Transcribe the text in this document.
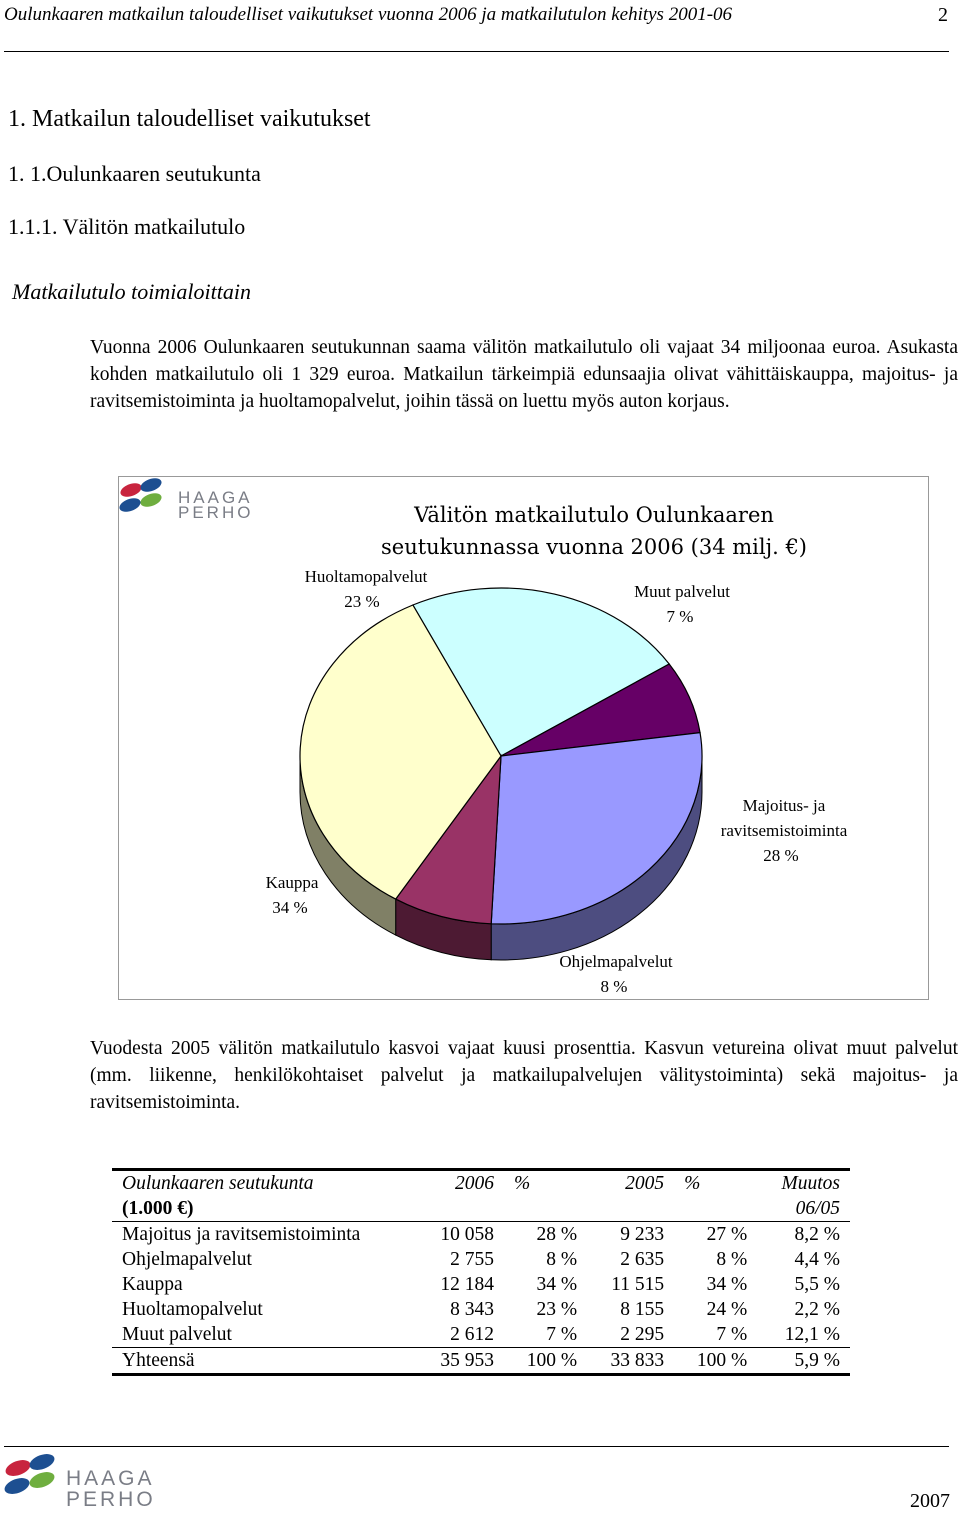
Oulunkaaren matkailun taloudelliset vaikutukset vuonna 2006 ja matkailutulon kehitys 2001-06	2
1. Matkailun taloudelliset vaikutukset
1. 1.Oulunkaaren seutukunta
1.1.1. Välitön matkailutulo
Matkailutulo toimialoittain
Vuonna 2006 Oulunkaaren seutukunnan saama välitön matkailutulo oli vajaat 34 miljoonaa euroa. Asukasta kohden matkailutulo oli 1 329 euroa. Matkailun tärkeimpiä edunsaajia olivat vähittäiskauppa, majoitus- ja ravitsemistoiminta ja huoltamopalvelut, joihin tässä on luettu myös auton korjaus.
HAAGA
PERHO	Välitön matkailutulo Oulunkaaren
seutukunnassa vuonna 2006 (34 milj. €)
Huoltamopalvelut
23 %
Muut palvelut
7 %
Majoitus- ja
ravitsemistoiminta
28 %
Ohjelmapalvelut
8 %
Kauppa
34 %
Vuodesta 2005 välitön matkailutulo kasvoi vajaat kuusi prosenttia. Kasvun vetureina olivat muut palvelut (mm. liikenne, henkilökohtaiset palvelut ja matkailupalvelujen välitystoiminta) sekä majoitus- ja ravitsemistoiminta.
Oulunkaaren seutukunta	2006	%	2005	%	Muutos
(1.000 €)					06/05
Majoitus ja ravitsemistoiminta	10 058	28 %	9 233	27 %	8,2 %
Ohjelmapalvelut	2 755	8 %	2 635	8 %	4,4 %
Kauppa	12 184	34 %	11 515	34 %	5,5 %
Huoltamopalvelut	8 343	23 %	8 155	24 %	2,2 %
Muut palvelut	2 612	7 %	2 295	7 %	12,1 %
Yhteensä	35 953	100 %	33 833	100 %	5,9 %
HAAGA
PERHO	2007
